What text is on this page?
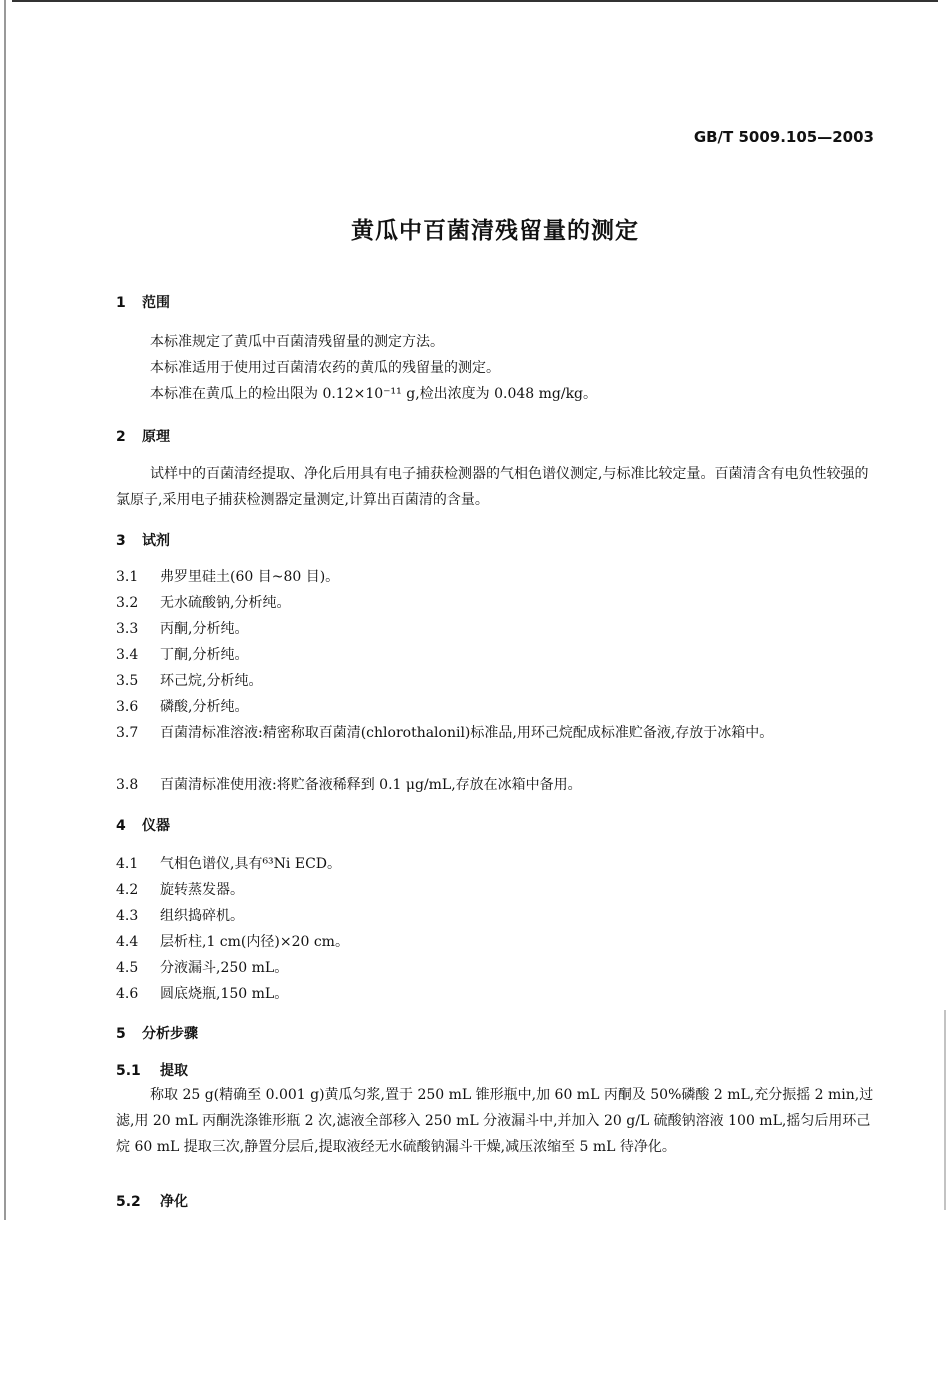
GB/T 5009.105—2003
黄瓜中百菌清残留量的测定
1 范围
本标准规定了黄瓜中百菌清残留量的测定方法。
本标准适用于使用过百菌清农药的黄瓜的残留量的测定。
本标准在黄瓜上的检出限为 0.12×10⁻¹¹ g,检出浓度为 0.048 mg/kg。
2 原理
试样中的百菌清经提取、净化后用具有电子捕获检测器的气相色谱仪测定,与标准比较定量。百菌清含有电负性较强的氯原子,采用电子捕获检测器定量测定,计算出百菌清的含量。
3 试剂
3.1 弗罗里硅土(60 目~80 目)。
3.2 无水硫酸钠,分析纯。
3.3 丙酮,分析纯。
3.4 丁酮,分析纯。
3.5 环己烷,分析纯。
3.6 磷酸,分析纯。
3.7 百菌清标准溶液:精密称取百菌清(chlorothalonil)标准品,用环己烷配成标准贮备液,存放于冰箱中。
3.8 百菌清标准使用液:将贮备液稀释到 0.1 μg/mL,存放在冰箱中备用。
4 仪器
4.1 气相色谱仪,具有⁶³Ni ECD。
4.2 旋转蒸发器。
4.3 组织捣碎机。
4.4 层析柱,1 cm(内径)×20 cm。
4.5 分液漏斗,250 mL。
4.6 圆底烧瓶,150 mL。
5 分析步骤
5.1 提取
称取 25 g(精确至 0.001 g)黄瓜匀浆,置于 250 mL 锥形瓶中,加 60 mL 丙酮及 50%磷酸 2 mL,充分振摇 2 min,过滤,用 20 mL 丙酮洗涤锥形瓶 2 次,滤液全部移入 250 mL 分液漏斗中,并加入 20 g/L 硫酸钠溶液 100 mL,摇匀后用环己烷 60 mL 提取三次,静置分层后,提取液经无水硫酸钠漏斗干燥,减压浓缩至 5 mL 待净化。
5.2 净化
